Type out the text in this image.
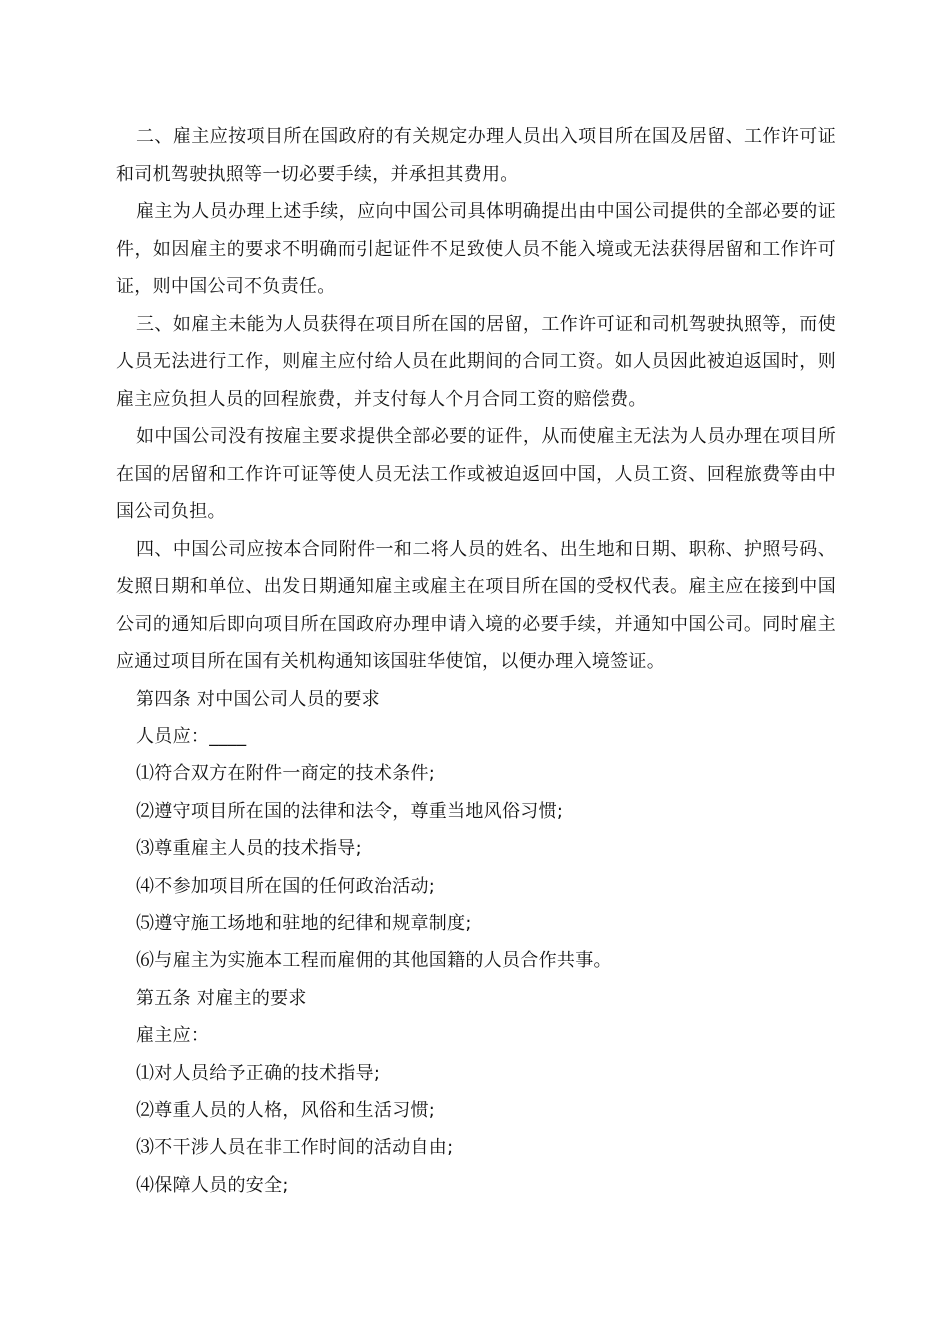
二、雇主应按项目所在国政府的有关规定办理人员出入项目所在国及居留、工作许可证和司机驾驶执照等一切必要手续，并承担其费用。

雇主为人员办理上述手续，应向中国公司具体明确提出由中国公司提供的全部必要的证件，如因雇主的要求不明确而引起证件不足致使人员不能入境或无法获得居留和工作许可证，则中国公司不负责任。

三、如雇主未能为人员获得在项目所在国的居留，工作许可证和司机驾驶执照等，而使人员无法进行工作，则雇主应付给人员在此期间的合同工资。如人员因此被迫返国时，则雇主应负担人员的回程旅费，并支付每人个月合同工资的赔偿费。

如中国公司没有按雇主要求提供全部必要的证件，从而使雇主无法为人员办理在项目所在国的居留和工作许可证等使人员无法工作或被迫返回中国，人员工资、回程旅费等由中国公司负担。

四、中国公司应按本合同附件一和二将人员的姓名、出生地和日期、职称、护照号码、发照日期和单位、出发日期通知雇主或雇主在项目所在国的受权代表。雇主应在接到中国公司的通知后即向项目所在国政府办理申请入境的必要手续，并通知中国公司。同时雇主应通过项目所在国有关机构通知该国驻华使馆，以便办理入境签证。

第四条 对中国公司人员的要求

人员应：____

⑴符合双方在附件一商定的技术条件;

⑵遵守项目所在国的法律和法令，尊重当地风俗习惯;

⑶尊重雇主人员的技术指导;

⑷不参加项目所在国的任何政治活动;

⑸遵守施工场地和驻地的纪律和规章制度;

⑹与雇主为实施本工程而雇佣的其他国籍的人员合作共事。

第五条 对雇主的要求

雇主应：

⑴对人员给予正确的技术指导;

⑵尊重人员的人格，风俗和生活习惯;

⑶不干涉人员在非工作时间的活动自由;

⑷保障人员的安全;
